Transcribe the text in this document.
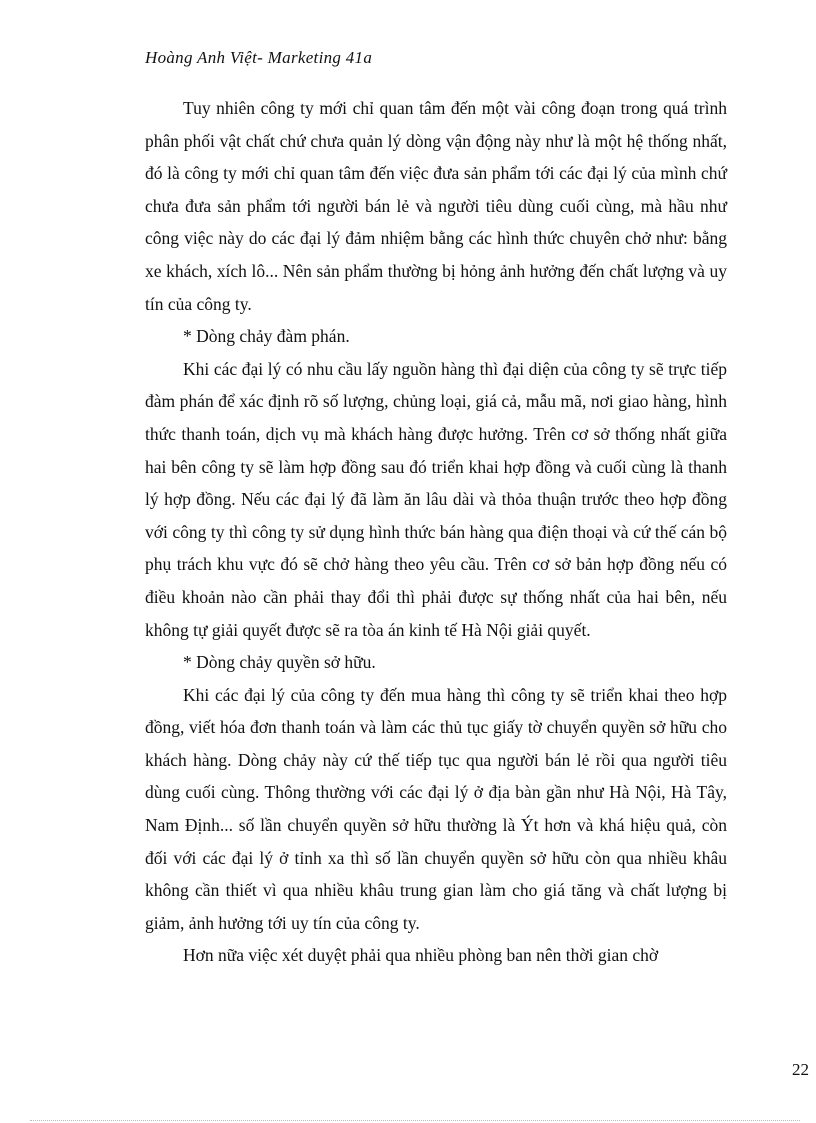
Hoàng Anh Việt- Marketing 41a

Tuy nhiên công ty mới chỉ quan tâm đến một vài công đoạn trong quá trình phân phối vật chất chứ chưa quản lý dòng vận động này như là một hệ thống nhất, đó là công ty mới chỉ quan tâm đến việc đưa sản phẩm tới các đại lý của mình chứ chưa đưa sản phẩm tới người bán lẻ và người tiêu dùng cuối cùng, mà hầu như công việc này do các đại lý đảm nhiệm bằng các hình thức chuyên chở như: bằng xe khách, xích lô... Nên sản phẩm thường bị hỏng ảnh hưởng đến chất lượng và uy tín của công ty.

* Dòng chảy đàm phán.

Khi các đại lý có nhu cầu lấy nguồn hàng thì đại diện của công ty sẽ trực tiếp đàm phán để xác định rõ số lượng, chủng loại, giá cả, mẫu mã, nơi giao hàng, hình thức thanh toán, dịch vụ mà khách hàng được hưởng. Trên cơ sở thống nhất giữa hai bên công ty sẽ làm hợp đồng sau đó triển khai hợp đồng và cuối cùng là thanh lý hợp đồng. Nếu các đại lý đã làm ăn lâu dài và thỏa thuận trước theo hợp đồng với công ty thì công ty sử dụng hình thức bán hàng qua điện thoại và cứ thế cán bộ phụ trách khu vực đó sẽ chở hàng theo yêu cầu. Trên cơ sở bản hợp đồng nếu có điều khoản nào cần phải thay đổi thì phải được sự thống nhất của hai bên, nếu không tự giải quyết được sẽ ra tòa án kinh tế Hà Nội giải quyết.

* Dòng chảy quyền sở hữu.

Khi các đại lý của công ty đến mua hàng thì công ty sẽ triển khai theo hợp đồng, viết hóa đơn thanh toán và làm các thủ tục giấy tờ chuyển quyền sở hữu cho khách hàng. Dòng chảy này cứ thế tiếp tục qua người bán lẻ rồi qua người tiêu dùng cuối cùng. Thông thường với các đại lý ở địa bàn gần như Hà Nội, Hà Tây, Nam Định... số lần chuyển quyền sở hữu thường là Ýt hơn và khá hiệu quả, còn đối với các đại lý ở tỉnh xa thì số lần chuyển quyền sở hữu còn qua nhiều khâu không cần thiết vì qua nhiều khâu trung gian làm cho giá tăng và chất lượng bị giảm, ảnh hưởng tới uy tín của công ty.

Hơn nữa việc xét duyệt phải qua nhiều phòng ban nên thời gian chờ

22
